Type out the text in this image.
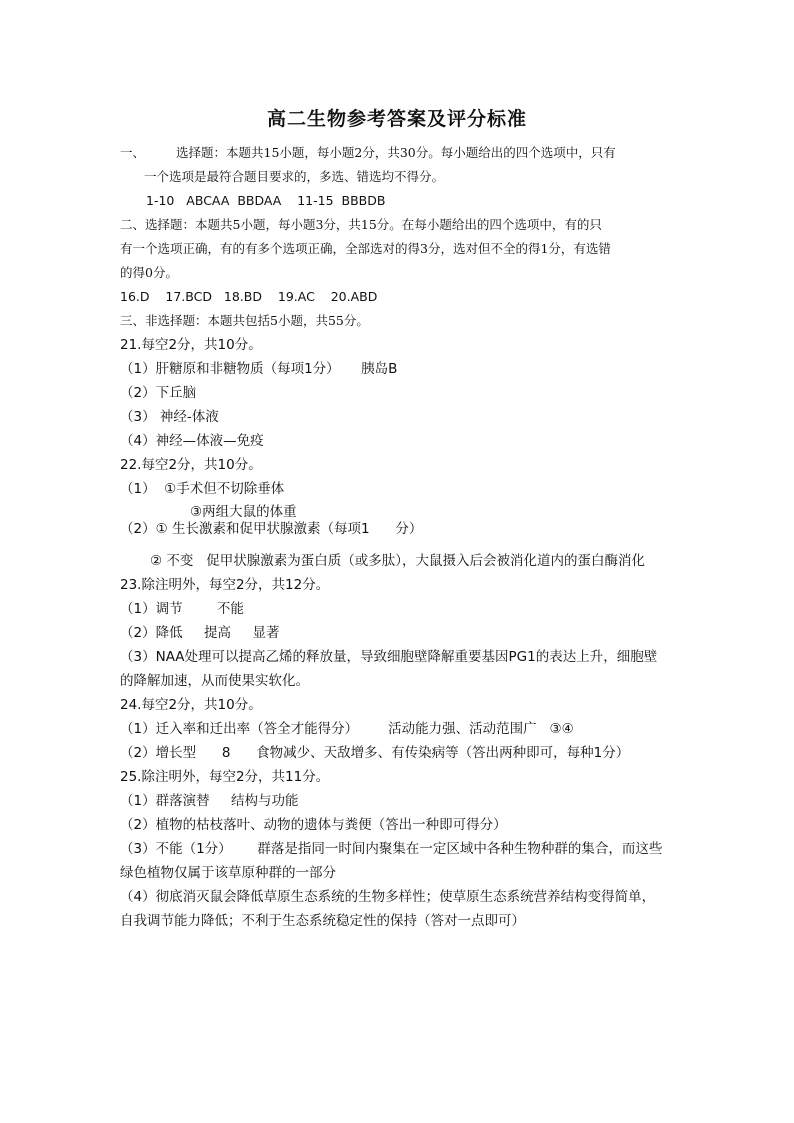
高二生物参考答案及评分标准
一、 选择题：本题共15小题，每小题2分，共30分。每小题给出的四个选项中，只有
一个选项是最符合题目要求的，多选、错选均不得分。
1-10   ABCAA  BBDAA    11-15  BBBDB
二、选择题：本题共5小题，每小题3分，共15分。在每小题给出的四个选项中，有的只
有一个选项正确，有的有多个选项正确，全部选对的得3分，选对但不全的得1分，有选错
的得0分。
16.D    17.BCD   18.BD    19.AC    20.ABD
三、非选择题：本题共包括5小题，共55分。
21.每空2分，共10分。
（1）肝糖原和非糖物质（每项1分）     胰岛B
（2）下丘脑
（3） 神经-体液
（4）神经—体液—免疫
22.每空2分，共10分。
（1）  ①手术但不切除垂体
③两组大鼠的体重
（2）① 生长激素和促甲状腺激素（每项1      分）
② 不变   促甲状腺激素为蛋白质（或多肽），大鼠摄入后会被消化道内的蛋白酶消化
23.除注明外，每空2分，共12分。
（1）调节        不能
（2）降低     提高     显著
（3）NAA处理可以提高乙烯的释放量，导致细胞壁降解重要基因PG1的表达上升，细胞壁
的降解加速，从而使果实软化。
24.每空2分，共10分。
（1）迁入率和迁出率（答全才能得分）       活动能力强、活动范围广   ③④
（2）增长型      8      食物减少、天敌增多、有传染病等（答出两种即可，每种1分）
25.除注明外，每空2分，共11分。
（1）群落演替     结构与功能
（2）植物的枯枝落叶、动物的遗体与粪便（答出一种即可得分）
（3）不能（1分）      群落是指同一时间内聚集在一定区域中各种生物种群的集合，而这些
绿色植物仅属于该草原种群的一部分
（4）彻底消灭鼠会降低草原生态系统的生物多样性；使草原生态系统营养结构变得简单，
自我调节能力降低；不利于生态系统稳定性的保持（答对一点即可）
